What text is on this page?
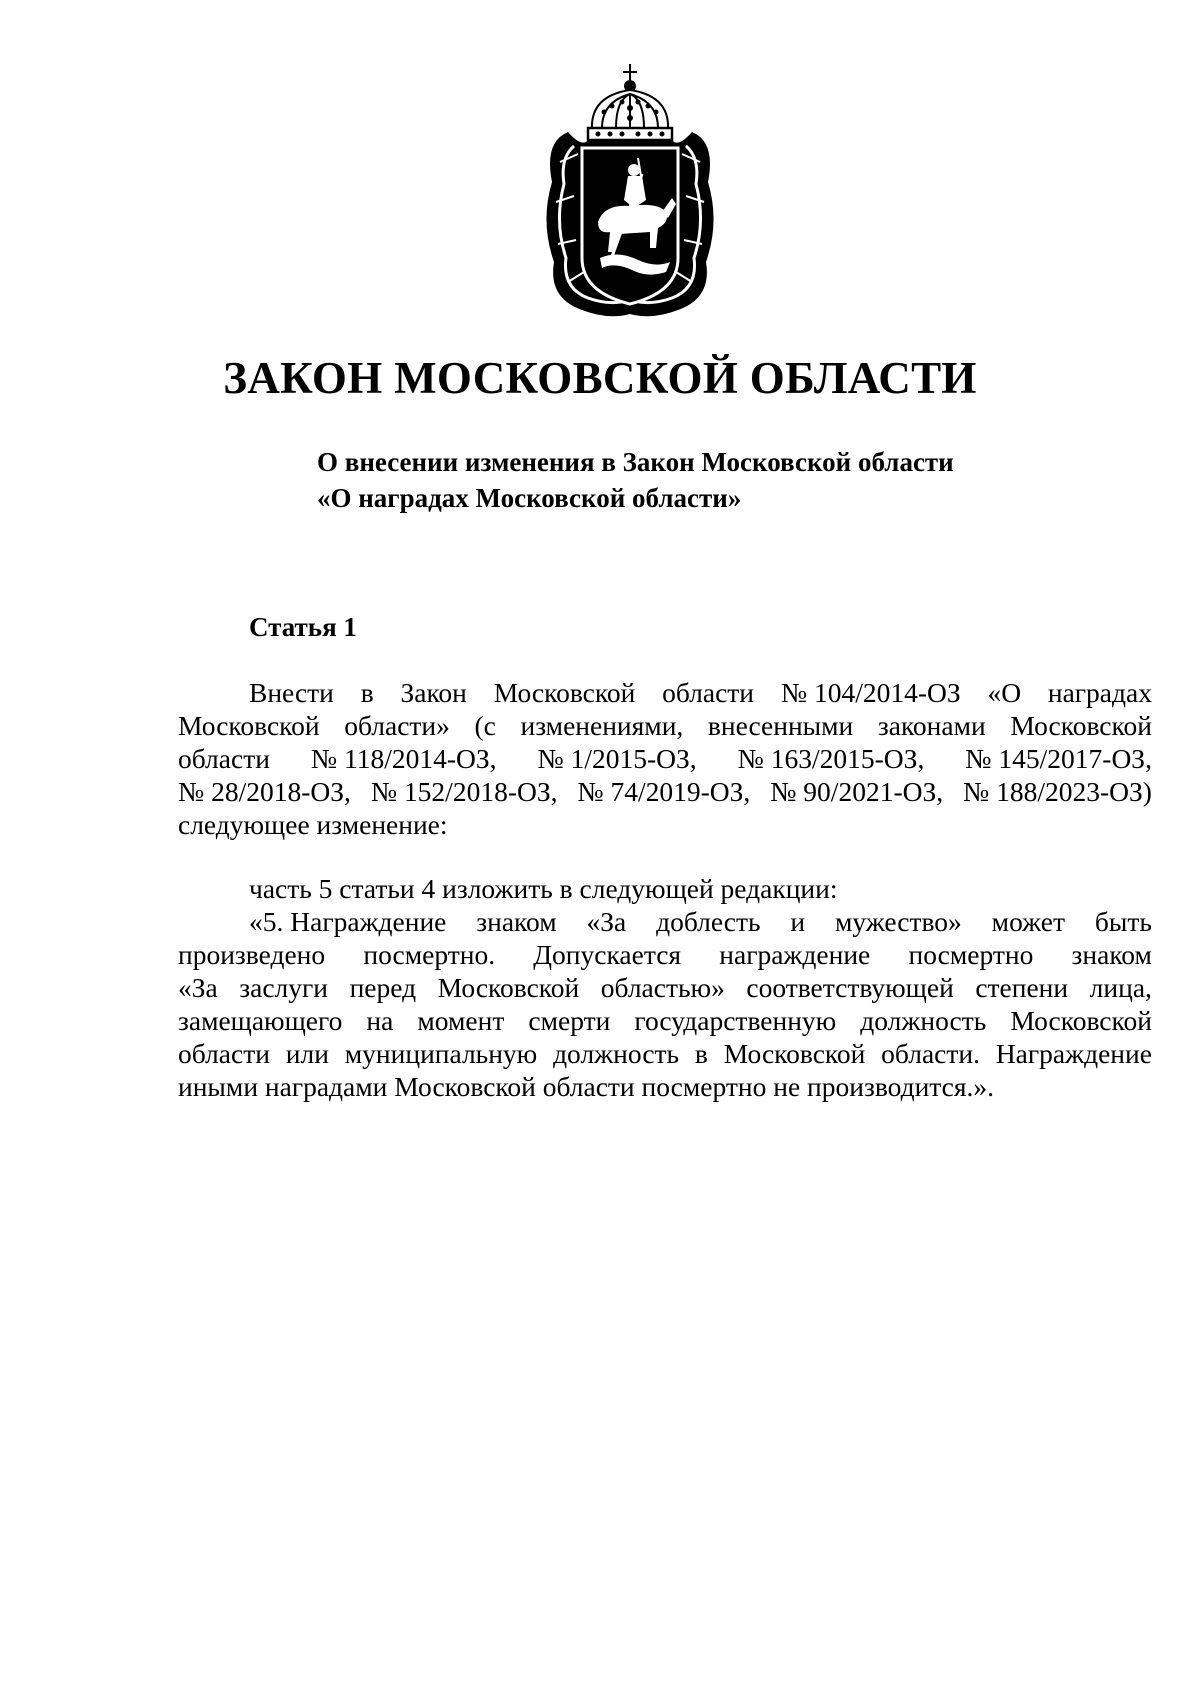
ЗАКОН МОСКОВСКОЙ ОБЛАСТИ
О внесении изменения в Закон Московской области
«О наградах Московской области»
Статья 1
Внести в Закон Московской области № 104/2014-ОЗ «О наградах
Московской области» (с изменениями, внесенными законами Московской
области № 118/2014-ОЗ, № 1/2015-ОЗ, № 163/2015-ОЗ, № 145/2017-ОЗ,
№ 28/2018-ОЗ, № 152/2018-ОЗ, № 74/2019-ОЗ, № 90/2021-ОЗ, № 188/2023-ОЗ)
следующее изменение:
часть 5 статьи 4 изложить в следующей редакции:
«5. Награждение знаком «За доблесть и мужество» может быть
произведено посмертно. Допускается награждение посмертно знаком
«За заслуги перед Московской областью» соответствующей степени лица,
замещающего на момент смерти государственную должность Московской
области или муниципальную должность в Московской области. Награждение
иными наградами Московской области посмертно не производится.».
